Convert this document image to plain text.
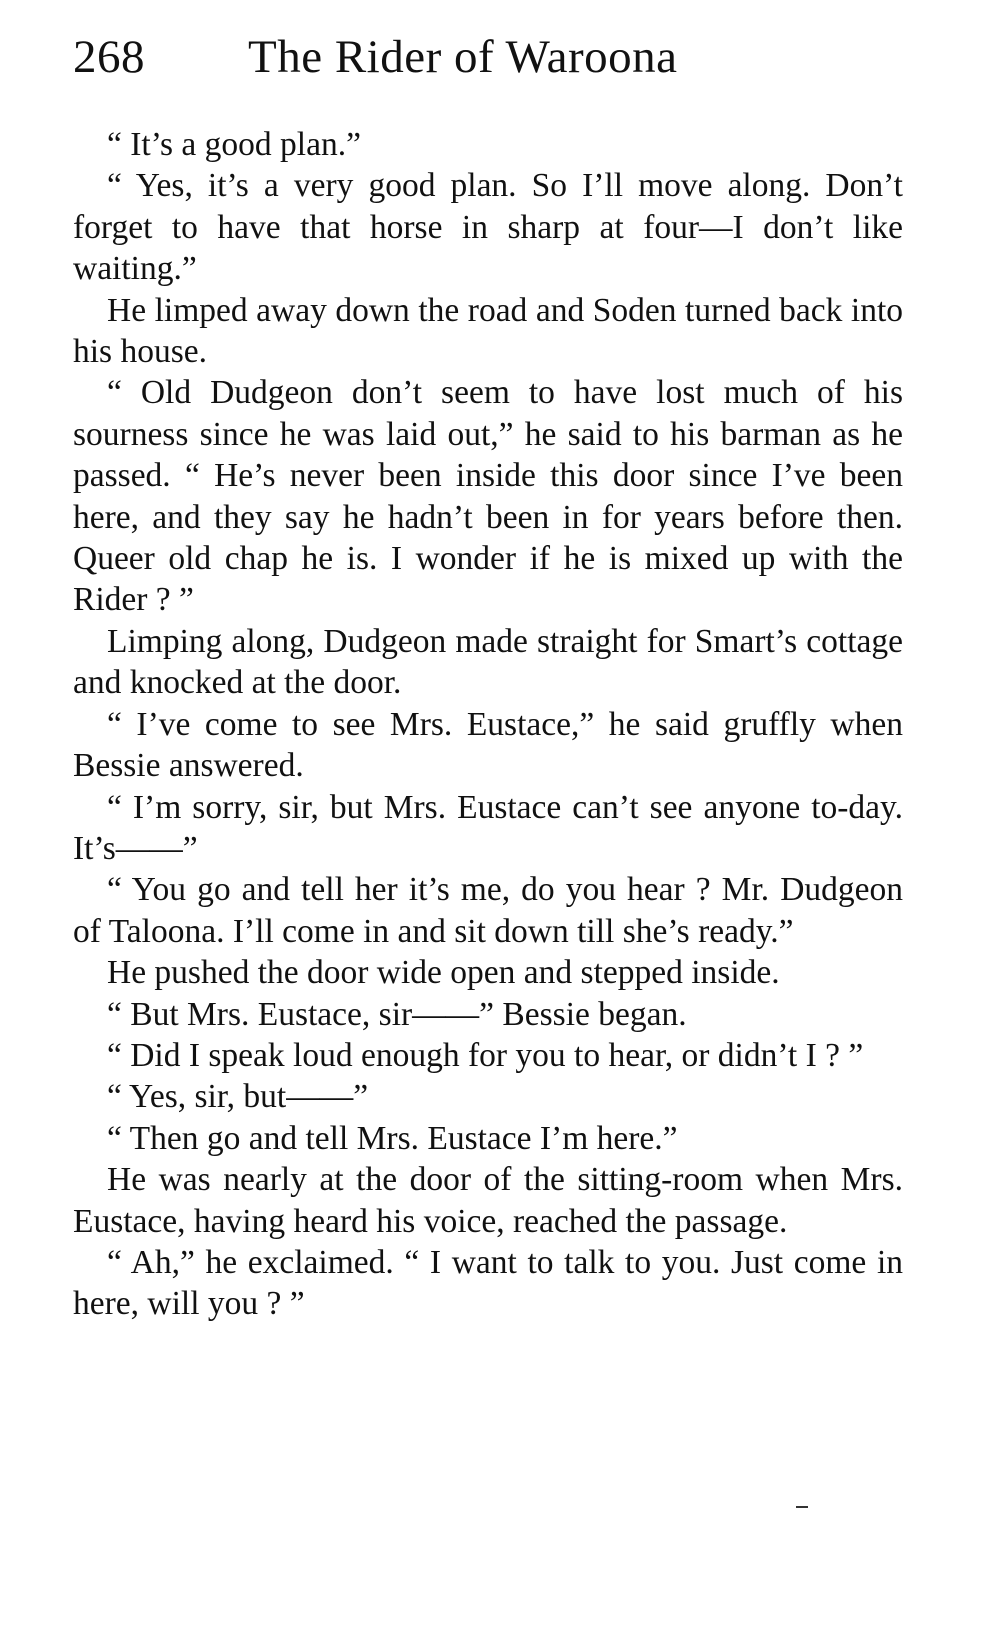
268	The Rider of Waroona

“ It’s a good plan.”

“ Yes, it’s a very good plan. So I’ll move along. Don’t forget to have that horse in sharp at four—I don’t like waiting.”

He limped away down the road and Soden turned back into his house.

“ Old Dudgeon don’t seem to have lost much of his sourness since he was laid out,” he said to his barman as he passed. “ He’s never been inside this door since I’ve been here, and they say he hadn’t been in for years before then. Queer old chap he is. I wonder if he is mixed up with the Rider ? ”

Limping along, Dudgeon made straight for Smart’s cottage and knocked at the door.

“ I’ve come to see Mrs. Eustace,” he said gruffly when Bessie answered.

“ I’m sorry, sir, but Mrs. Eustace can’t see anyone to-day. It’s——”

“ You go and tell her it’s me, do you hear ? Mr. Dudgeon of Taloona. I’ll come in and sit down till she’s ready.”

He pushed the door wide open and stepped inside.

“ But Mrs. Eustace, sir——” Bessie began.

“ Did I speak loud enough for you to hear, or didn’t I ? ”

“ Yes, sir, but——”

“ Then go and tell Mrs. Eustace I’m here.”

He was nearly at the door of the sitting-room when Mrs. Eustace, having heard his voice, reached the passage.

“ Ah,” he exclaimed. “ I want to talk to you. Just come in here, will you ? ”
